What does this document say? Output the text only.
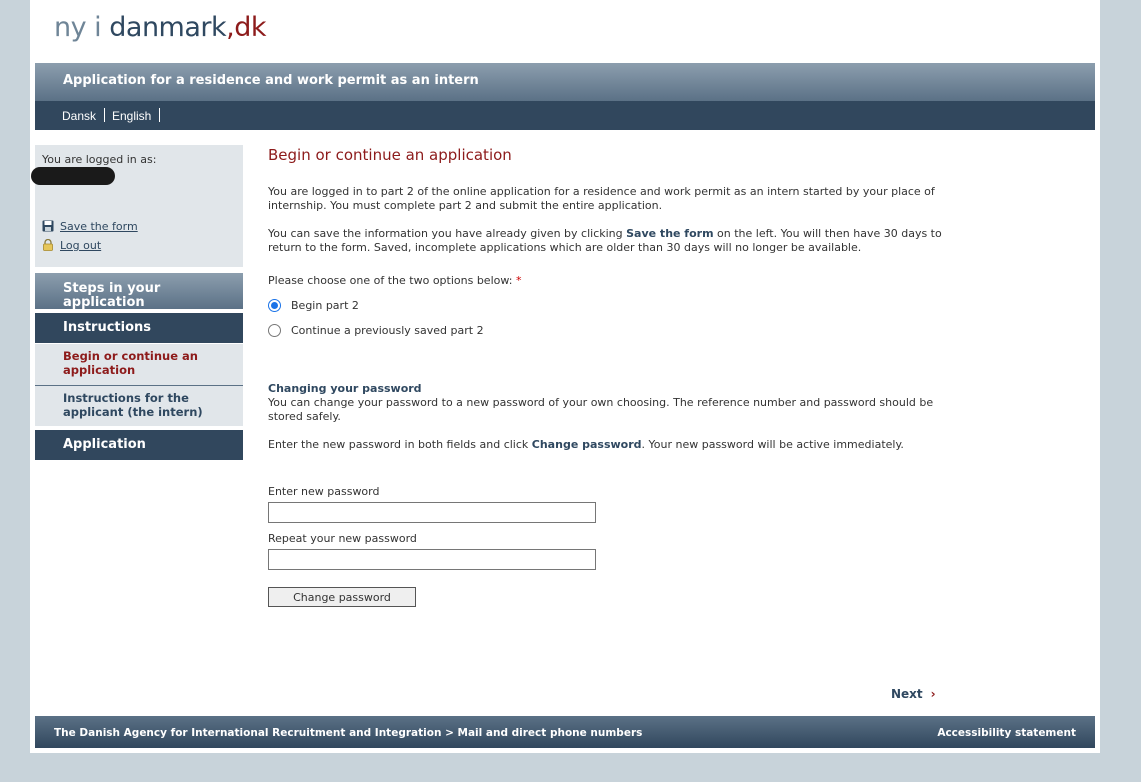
ny i danmark,dk
Application for a residence and work permit as an intern
Dansk English
You are logged in as:
Save the form
Log out
Steps in your application
Instructions
Begin or continue an application
Instructions for the applicant (the intern)
Application
Begin or continue an application
You are logged in to part 2 of the online application for a residence and work permit as an intern started by your place of internship. You must complete part 2 and submit the entire application.
You can save the information you have already given by clicking Save the form on the left. You will then have 30 days to return to the form. Saved, incomplete applications which are older than 30 days will no longer be available.
Please choose one of the two options below: *
Begin part 2
Continue a previously saved part 2
Changing your password
You can change your password to a new password of your own choosing. The reference number and password should be stored safely.
Enter the new password in both fields and click Change password. Your new password will be active immediately.
Enter new password
Repeat your new password
Change password
Next ›
The Danish Agency for International Recruitment and Integration > Mail and direct phone numbers	Accessibility statement
